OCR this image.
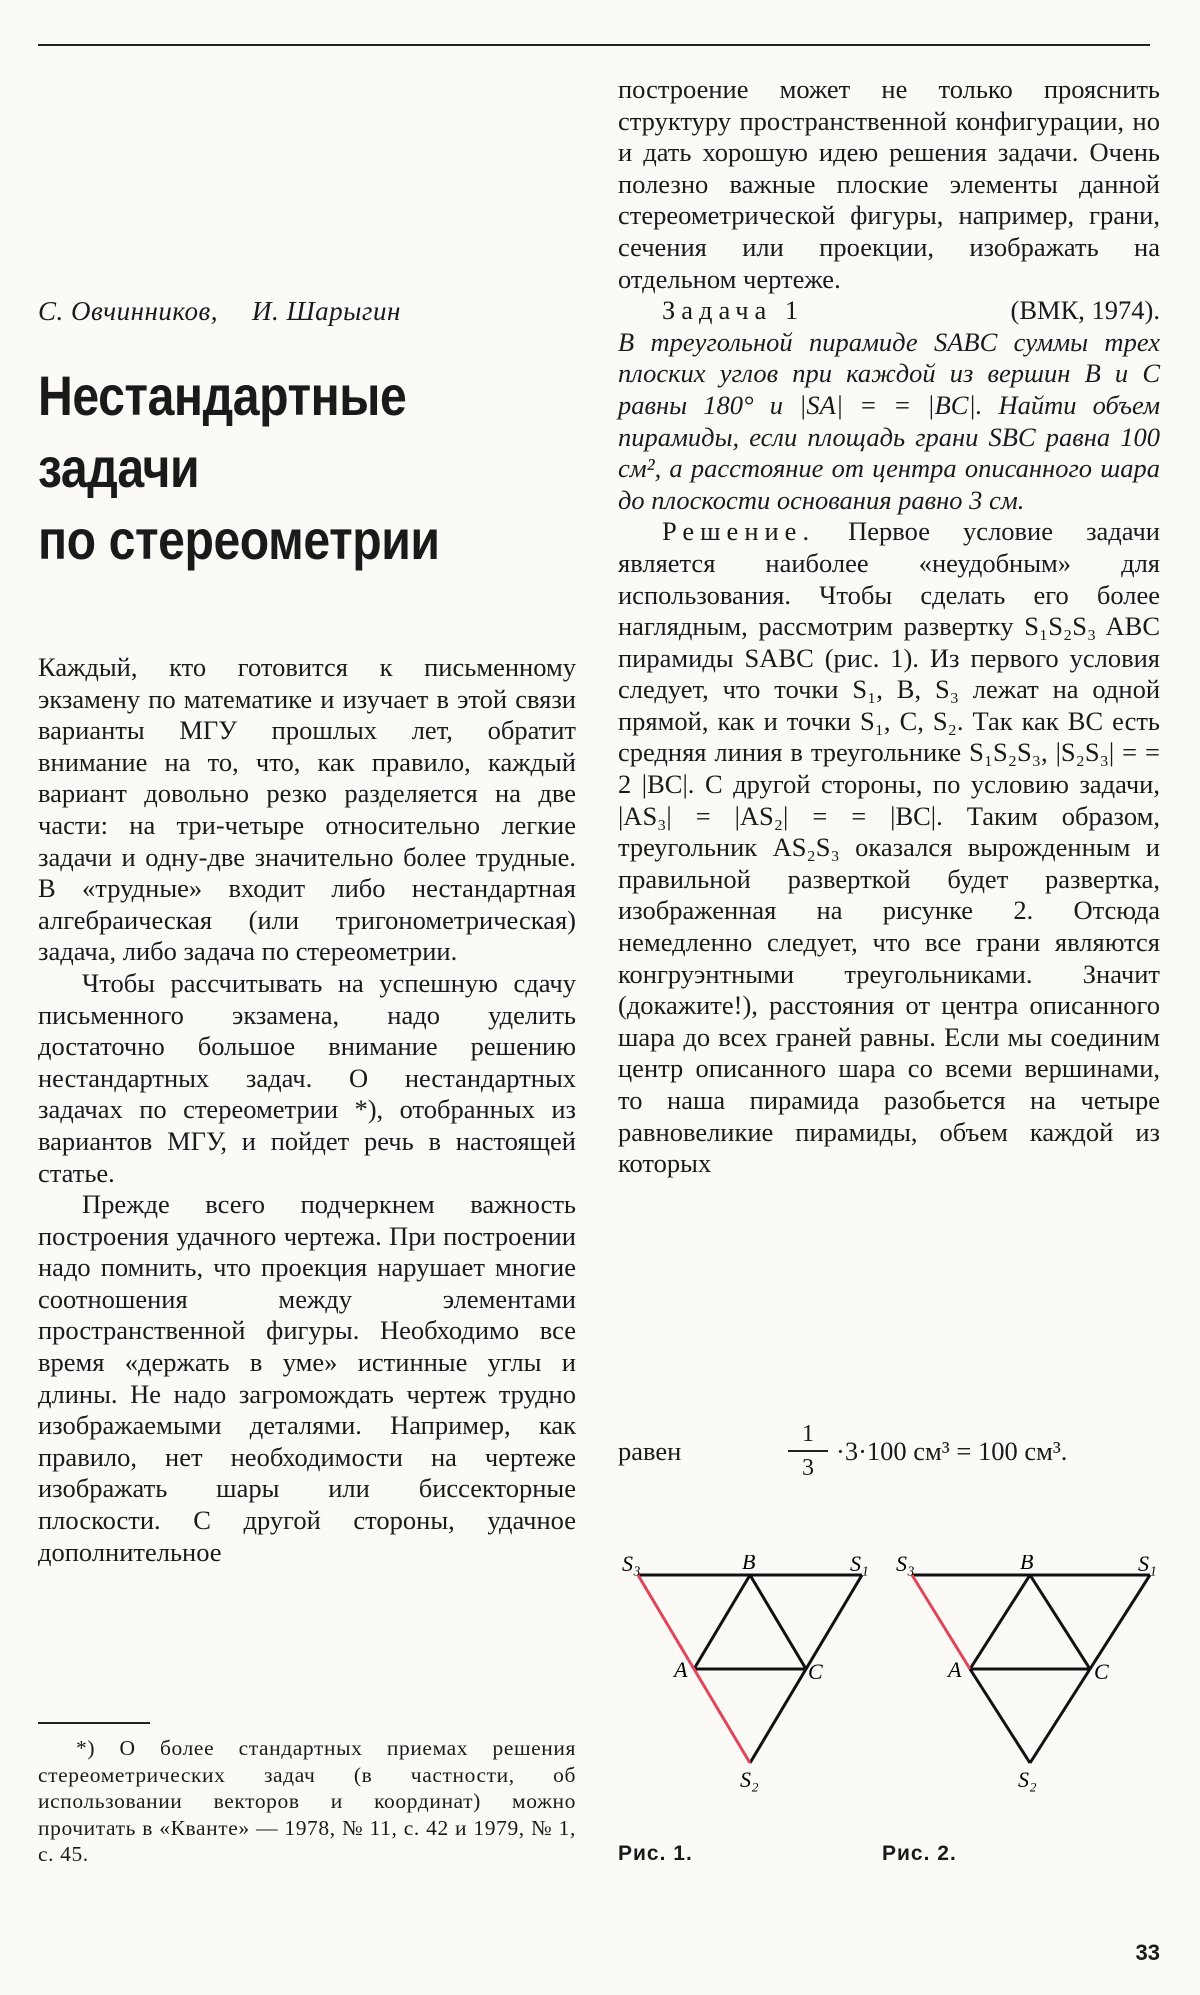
С. Овчинников, И. Шарыгин
Нестандартные
задачи
по стереометрии

Каждый, кто готовится к письменному экзамену по математике и изучает в этой связи варианты МГУ прошлых лет, обратит внимание на то, что, как правило, каждый вариант довольно резко разделяется на две части: на три-четыре относительно легкие задачи и одну-две значительно более трудные. В «трудные» входит либо нестандартная алгебраическая (или тригонометрическая) задача, либо задача по стереометрии.

Чтобы рассчитывать на успешную сдачу письменного экзамена, надо уделить достаточно большое внимание решению нестандартных задач. О нестандартных задачах по стереометрии *), отобранных из вариантов МГУ, и пойдет речь в настоящей статье.

Прежде всего подчеркнем важность построения удачного чертежа. При построении надо помнить, что проекция нарушает многие соотношения между элементами пространственной фигуры. Необходимо все время «держать в уме» истинные углы и длины. Не надо загромождать чертеж трудно изображаемыми деталями. Например, как правило, нет необходимости на чертеже изображать шары или биссекторные плоскости. С другой стороны, удачное дополнительное

*) О более стандартных приемах решения стереометрических задач (в частности, об использовании векторов и координат) можно прочитать в «Кванте» — 1978, № 11, с. 42 и 1979, № 1, с. 45.

построение может не только прояснить структуру пространственной конфигурации, но и дать хорошую идею решения задачи. Очень полезно важные плоские элементы данной стереометрической фигуры, например, грани, сечения или проекции, изображать на отдельном чертеже.

Задача 1	(ВМК, 1974).

В треугольной пирамиде SABC суммы трех плоских углов при каждой из вершин B и C равны 180° и |SA| = = |BC|. Найти объем пирамиды, если площадь грани SBC равна 100 см², а расстояние от центра описанного шара до плоскости основания равно 3 см.

Решение. Первое условие задачи является наиболее «неудобным» для использования. Чтобы сделать его более наглядным, рассмотрим развертку S₁S₂S₃ ABC пирамиды SABC (рис. 1). Из первого условия следует, что точки S₁, B, S₃ лежат на одной прямой, как и точки S₁, C, S₂. Так как BC есть средняя линия в треугольнике S₁S₂S₃, |S₂S₃| = = 2 |BC|. С другой стороны, по условию задачи, |AS₃| = |AS₂| = = |BC|. Таким образом, треугольник AS₂S₃ оказался вырожденным и правильной разверткой будет развертка, изображенная на рисунке 2. Отсюда немедленно следует, что все грани являются конгруэнтными треугольниками. Значит (докажите!), расстояния от центра описанного шара до всех граней равны. Если мы соединим центр описанного шара со всеми вершинами, то наша пирамида разобьется на четыре равновеликие пирамиды, объем каждой из которых

равен
1
3
·3·100 см³ = 100 см³.
S₃	B	S₁
A	C
S₂
S₃	B	S₁
A	C
S₂
Рис. 1.	Рис. 2.
33
